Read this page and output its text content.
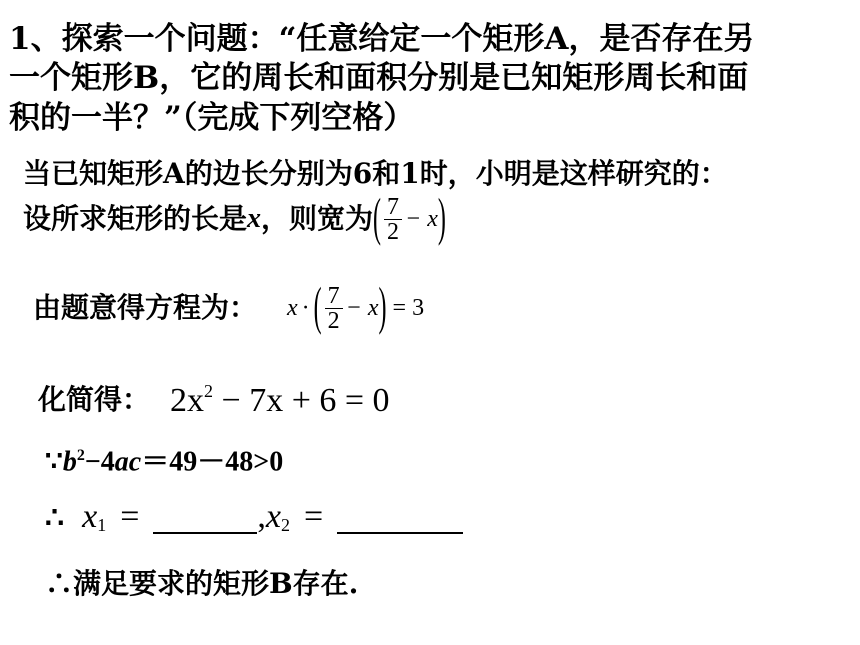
1、探索一个问题：“任意给定一个矩形A，是否存在另
一个矩形B，它的周长和面积分别是已知矩形周长和面
积的一半？”（完成下列空格）
当已知矩形A的边长分别为6和1时，小明是这样研究的：
设所求矩形的长是 x ，则宽为 ( $\frac{7}{2} - x$ )
由题意得方程为： x · ( $\frac{7}{2} - x$ ) = 3
化简得： $2x^2 - 7x + 6 = 0$
$\because b^2-4ac=49-48>0$
∴ $x_1$ =	, $x_2$ =
∴满足要求的矩形B存在.
